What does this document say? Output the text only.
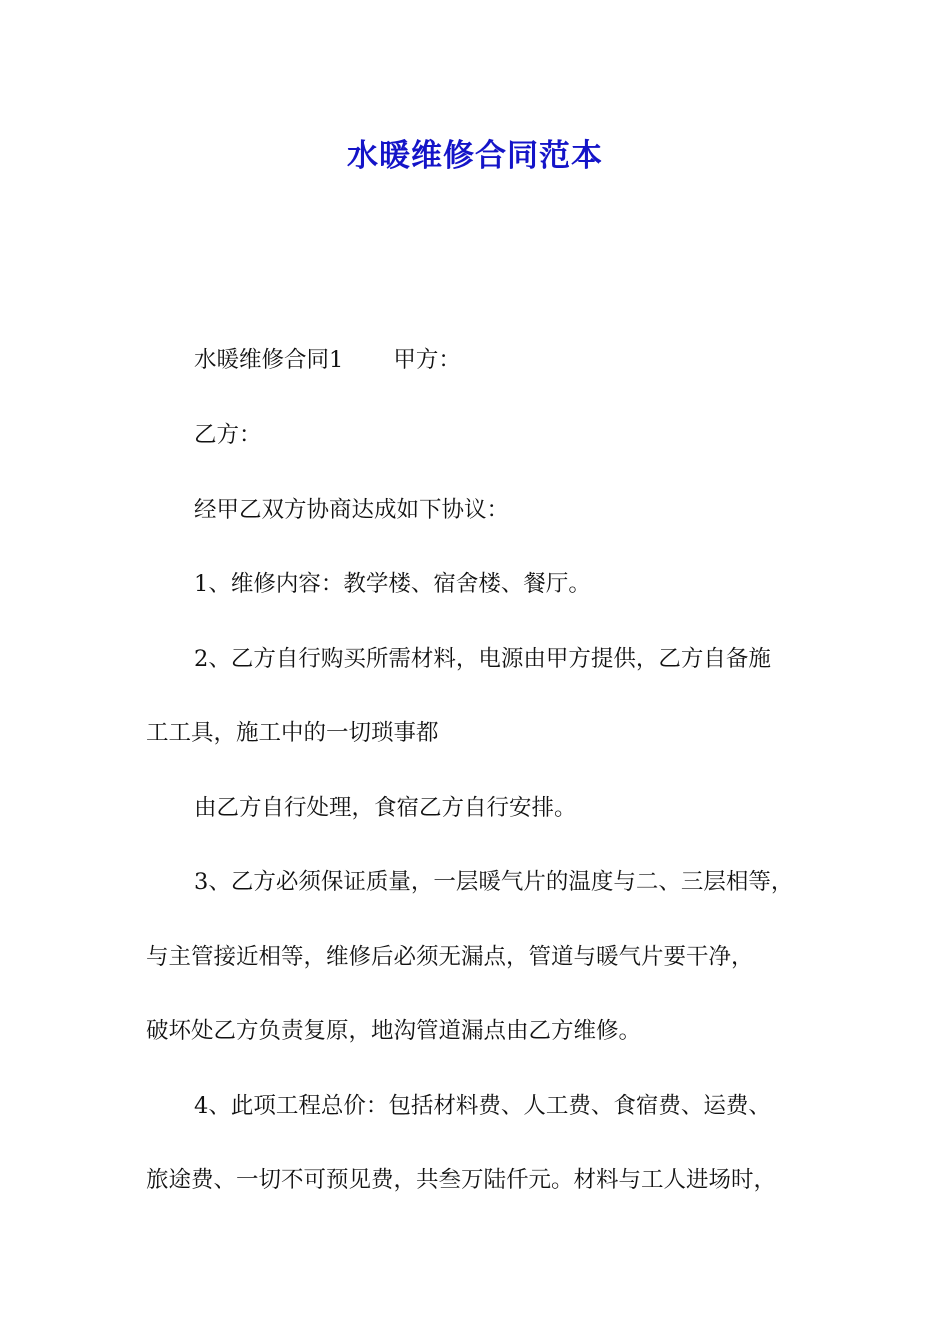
水暖维修合同范本

水暖维修合同1 甲方：

乙方：

经甲乙双方协商达成如下协议：

1、维修内容：教学楼、宿舍楼、餐厅。

2、乙方自行购买所需材料，电源由甲方提供，乙方自备施

工工具，施工中的一切琐事都

由乙方自行处理，食宿乙方自行安排。

3、乙方必须保证质量，一层暖气片的温度与二、三层相等，

与主管接近相等，维修后必须无漏点，管道与暖气片要干净，

破坏处乙方负责复原，地沟管道漏点由乙方维修。

4、此项工程总价：包括材料费、人工费、食宿费、运费、

旅途费、一切不可预见费，共叁万陆仟元。材料与工人进场时，
